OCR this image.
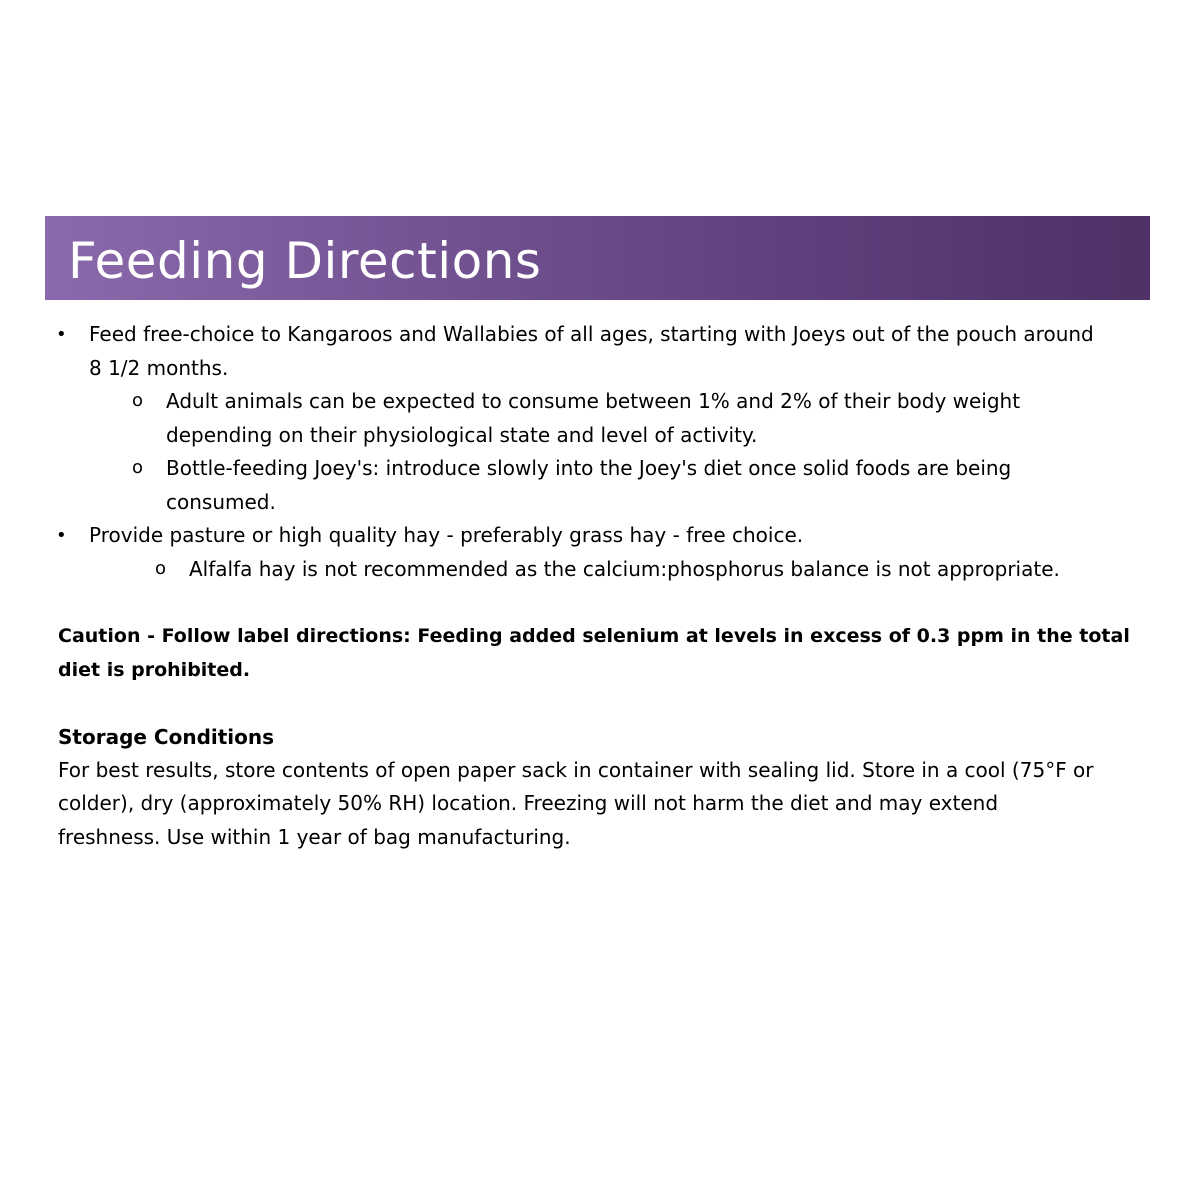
Feeding Directions
• Feed free-choice to Kangaroos and Wallabies of all ages, starting with Joeys out of the pouch around

8 1/2 months.

o Adult animals can be expected to consume between 1% and 2% of their body weight

depending on their physiological state and level of activity.

o Bottle-feeding Joey's: introduce slowly into the Joey's diet once solid foods are being

consumed.

• Provide pasture or high quality hay - preferably grass hay - free choice.

o Alfalfa hay is not recommended as the calcium:phosphorus balance is not appropriate.

Caution - Follow label directions: Feeding added selenium at levels in excess of 0.3 ppm in the total

diet is prohibited.

Storage Conditions

For best results, store contents of open paper sack in container with sealing lid. Store in a cool (75°F or

colder), dry (approximately 50% RH) location. Freezing will not harm the diet and may extend

freshness. Use within 1 year of bag manufacturing.
